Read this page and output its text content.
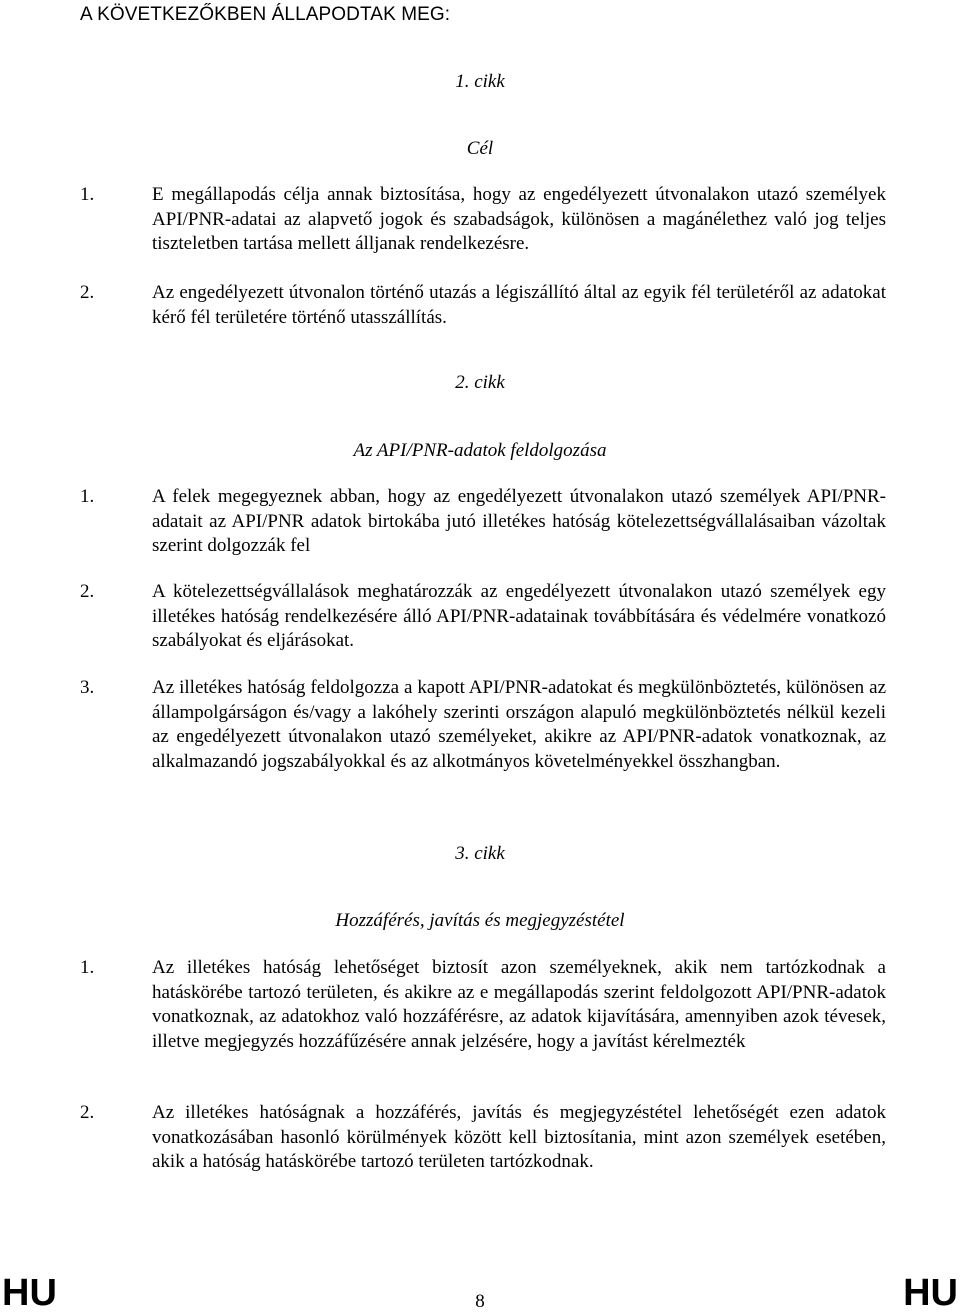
A KÖVETKEZŐKBEN ÁLLAPODTAK MEG:
1. cikk
Cél
1.	E megállapodás célja annak biztosítása, hogy az engedélyezett útvonalakon utazó személyek API/PNR-adatai az alapvető jogok és szabadságok, különösen a magánélethez való jog teljes tiszteletben tartása mellett álljanak rendelkezésre.
2.	Az engedélyezett útvonalon történő utazás a légiszállító által az egyik fél területéről az adatokat kérő fél területére történő utasszállítás.
2. cikk
Az API/PNR-adatok feldolgozása
1.	A felek megegyeznek abban, hogy az engedélyezett útvonalakon utazó személyek API/PNR-adatait az API/PNR adatok birtokába jutó illetékes hatóság kötelezettségvállalásaiban vázoltak szerint dolgozzák fel
2.	A kötelezettségvállalások meghatározzák az engedélyezett útvonalakon utazó személyek egy illetékes hatóság rendelkezésére álló API/PNR-adatainak továbbítására és védelmére vonatkozó szabályokat és eljárásokat.
3.	Az illetékes hatóság feldolgozza a kapott API/PNR-adatokat és megkülönböztetés, különösen az állampolgárságon és/vagy a lakóhely szerinti országon alapuló megkülönböztetés nélkül kezeli az engedélyezett útvonalakon utazó személyeket, akikre az API/PNR-adatok vonatkoznak, az alkalmazandó jogszabályokkal és az alkotmányos követelményekkel összhangban.
3. cikk
Hozzáférés, javítás és megjegyzéstétel
1.	Az illetékes hatóság lehetőséget biztosít azon személyeknek, akik nem tartózkodnak a hatáskörébe tartozó területen, és akikre az e megállapodás szerint feldolgozott API/PNR-adatok vonatkoznak, az adatokhoz való hozzáférésre, az adatok kijavítására, amennyiben azok tévesek, illetve megjegyzés hozzáfűzésére annak jelzésére, hogy a javítást kérelmezték
2.	Az illetékes hatóságnak a hozzáférés, javítás és megjegyzéstétel lehetőségét ezen adatok vonatkozásában hasonló körülmények között kell biztosítania, mint azon személyek esetében, akik a hatóság hatáskörébe tartozó területen tartózkodnak.
HU	8	HU
